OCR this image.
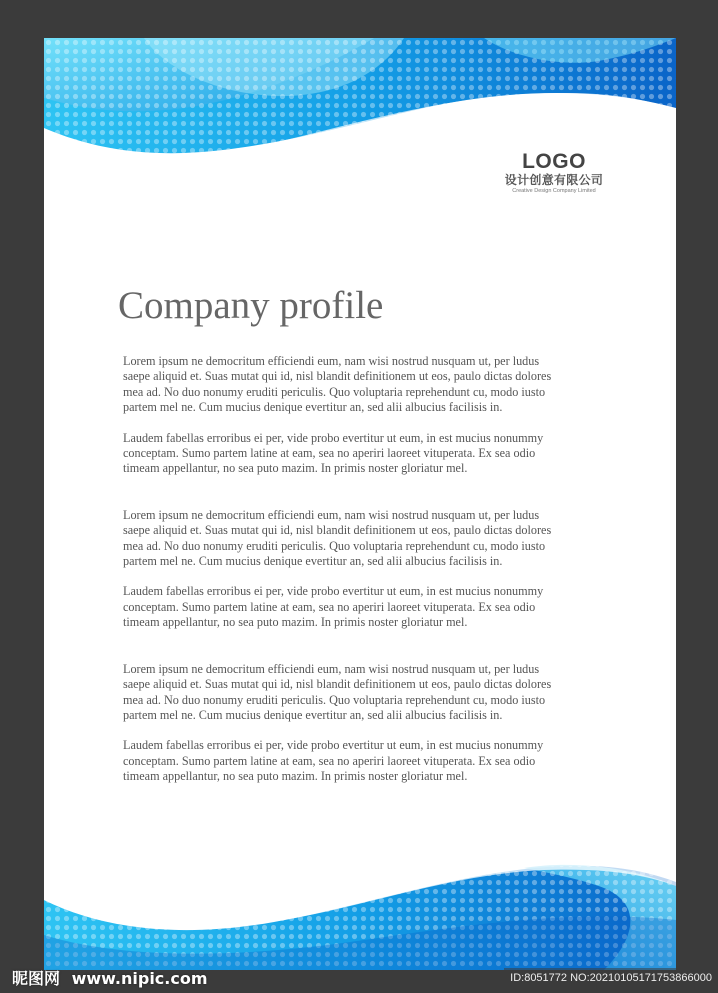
LOGO
设计创意有限公司
Creative Design Company Limited
Company profile

Lorem ipsum ne democritum efficiendi eum, nam wisi nostrud nusquam ut, per ludus
saepe aliquid et. Suas mutat qui id, nisl blandit definitionem ut eos, paulo dictas dolores
mea ad. No duo nonumy eruditi periculis. Quo voluptaria reprehendunt cu, modo iusto
partem mel ne. Cum mucius denique evertitur an, sed alii albucius facilisis in.

Laudem fabellas erroribus ei per, vide probo evertitur ut eum, in est mucius nonummy
conceptam. Sumo partem latine at eam, sea no aperiri laoreet vituperata. Ex sea odio
timeam appellantur, no sea puto mazim. In primis noster gloriatur mel.

Lorem ipsum ne democritum efficiendi eum, nam wisi nostrud nusquam ut, per ludus
saepe aliquid et. Suas mutat qui id, nisl blandit definitionem ut eos, paulo dictas dolores
mea ad. No duo nonumy eruditi periculis. Quo voluptaria reprehendunt cu, modo iusto
partem mel ne. Cum mucius denique evertitur an, sed alii albucius facilisis in.

Laudem fabellas erroribus ei per, vide probo evertitur ut eum, in est mucius nonummy
conceptam. Sumo partem latine at eam, sea no aperiri laoreet vituperata. Ex sea odio
timeam appellantur, no sea puto mazim. In primis noster gloriatur mel.

Lorem ipsum ne democritum efficiendi eum, nam wisi nostrud nusquam ut, per ludus
saepe aliquid et. Suas mutat qui id, nisl blandit definitionem ut eos, paulo dictas dolores
mea ad. No duo nonumy eruditi periculis. Quo voluptaria reprehendunt cu, modo iusto
partem mel ne. Cum mucius denique evertitur an, sed alii albucius facilisis in.

Laudem fabellas erroribus ei per, vide probo evertitur ut eum, in est mucius nonummy
conceptam. Sumo partem latine at eam, sea no aperiri laoreet vituperata. Ex sea odio
timeam appellantur, no sea puto mazim. In primis noster gloriatur mel.

昵图网 www.nipic.com	ID:8051772 NO:20210105171753866000
